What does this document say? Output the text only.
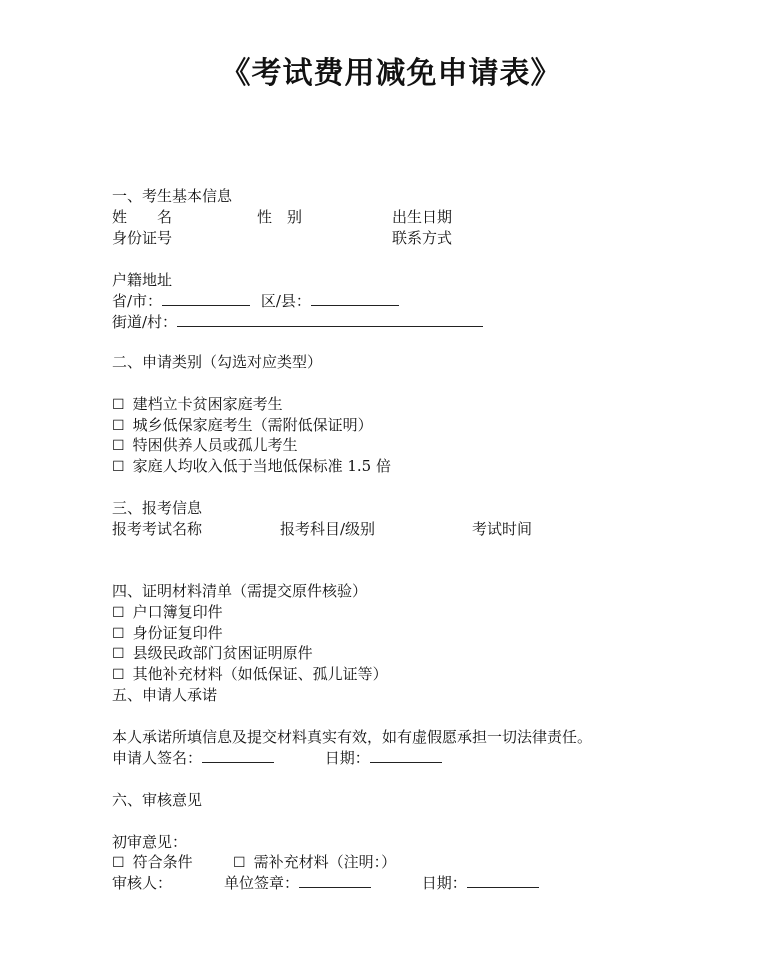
《考试费用减免申请表》
一、考生基本信息
姓　　名	性　别	出生日期
身份证号	联系方式
户籍地址
省/市：	区/县：
街道/村：
二、申请类别（勾选对应类型）
☐ 建档立卡贫困家庭考生
☐ 城乡低保家庭考生（需附低保证明）
☐ 特困供养人员或孤儿考生
☐ 家庭人均收入低于当地低保标准 1.5 倍
三、报考信息
报考考试名称	报考科目/级别	考试时间
四、证明材料清单（需提交原件核验）
☐ 户口簿复印件
☐ 身份证复印件
☐ 县级民政部门贫困证明原件
☐ 其他补充材料（如低保证、孤儿证等）
五、申请人承诺
本人承诺所填信息及提交材料真实有效，如有虚假愿承担一切法律责任。
申请人签名：	日期：
六、审核意见
初审意见：
☐ 符合条件	☐ 需补充材料（注明：）
审核人：	单位签章：	日期：
